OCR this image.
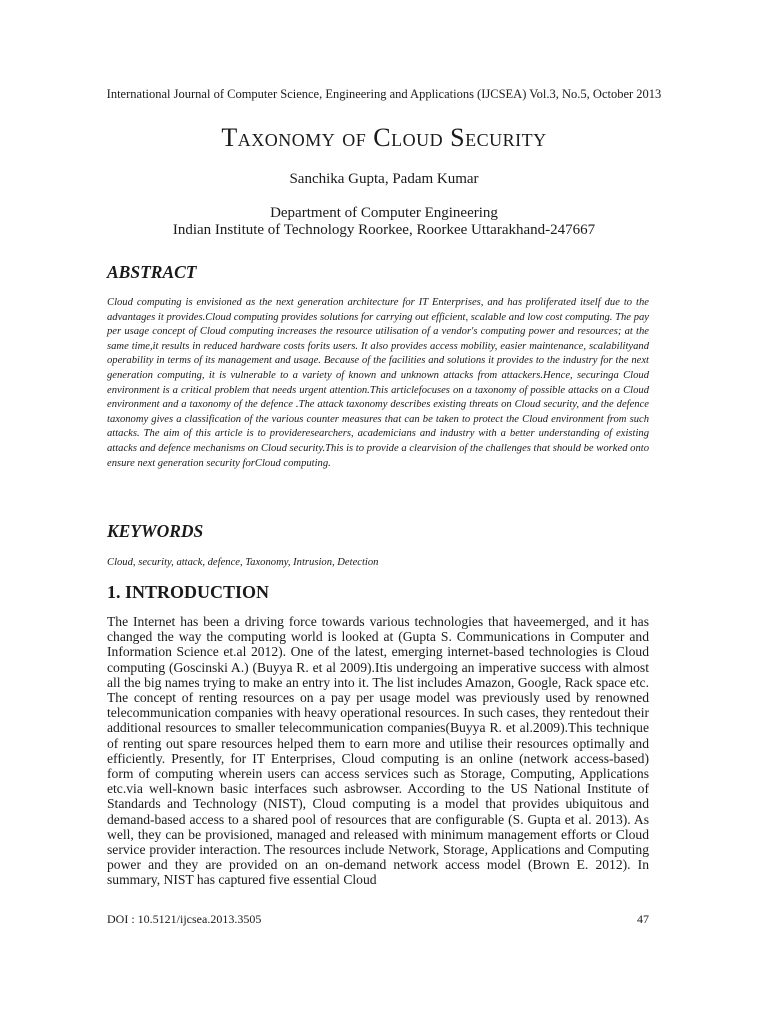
International Journal of Computer Science, Engineering and Applications (IJCSEA) Vol.3, No.5, October 2013
Taxonomy of Cloud Security
Sanchika Gupta, Padam Kumar
Department of Computer Engineering
Indian Institute of Technology Roorkee, Roorkee Uttarakhand-247667
ABSTRACT
Cloud computing is envisioned as the next generation architecture for IT Enterprises, and has proliferated itself due to the advantages it provides.Cloud computing provides solutions for carrying out efficient, scalable and low cost computing. The pay per usage concept of Cloud computing increases the resource utilisation of a vendor's computing power and resources; at the same time,it results in reduced hardware costs forits users. It also provides access mobility, easier maintenance, scalabilityand operability in terms of its management and usage. Because of the facilities and solutions it provides to the industry for the next generation computing, it is vulnerable to a variety of known and unknown attacks from attackers.Hence, securinga Cloud environment is a critical problem that needs urgent attention.This articlefocuses on a taxonomy of possible attacks on a Cloud environment and a taxonomy of the defence .The attack taxonomy describes existing threats on Cloud security, and the defence taxonomy gives a classification of the various counter measures that can be taken to protect the Cloud environment from such attacks. The aim of this article is to provideresearchers, academicians and industry with a better understanding of existing attacks and defence mechanisms on Cloud security.This is to provide a clearvision of the challenges that should be worked onto ensure next generation security forCloud computing.
KEYWORDS
Cloud, security, attack, defence, Taxonomy, Intrusion, Detection
1. INTRODUCTION
The Internet has been a driving force towards various technologies that haveemerged, and it has changed the way the computing world is looked at (Gupta S. Communications in Computer and Information Science et.al 2012). One of the latest, emerging internet-based technologies is Cloud computing (Goscinski A.) (Buyya R. et al 2009).Itis undergoing an imperative success with almost all the big names trying to make an entry into it. The list includes Amazon, Google, Rack space etc. The concept of renting resources on a pay per usage model was previously used by renowned telecommunication companies with heavy operational resources. In such cases, they rentedout their additional resources to smaller telecommunication companies(Buyya R. et al.2009).This technique of renting out spare resources helped them to earn more and utilise their resources optimally and efficiently. Presently, for IT Enterprises, Cloud computing is an online (network access-based) form of computing wherein users can access services such as Storage, Computing, Applications etc.via well-known basic interfaces such asbrowser. According to the US National Institute of Standards and Technology (NIST), Cloud computing is a model that provides ubiquitous and demand-based access to a shared pool of resources that are configurable (S. Gupta et al. 2013). As well, they can be provisioned, managed and released with minimum management efforts or Cloud service provider interaction. The resources include Network, Storage, Applications and Computing power and they are provided on an on-demand network access model (Brown E. 2012). In summary, NIST has captured five essential Cloud
DOI : 10.5121/ijcsea.2013.3505	47
